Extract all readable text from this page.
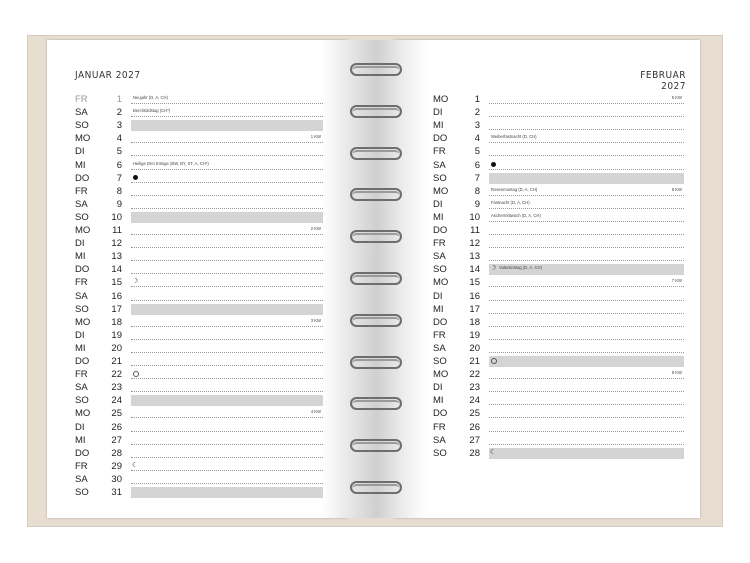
JANUAR 2027	FEBRUAR 2027
FR	1	Neujahr (D, A, CH)
SA	2	Berchtoldstag (CH*)
SO	3
MO	4	1 KW
DI	5
MI	6	Heilige Drei Könige (BW, BY, ST, A, CH*)
DO	7
FR	8
SA	9
SO	10
MO	11	2 KW
DI	12
MI	13
DO	14
FR	15 ☽
SA	16
SO	17
MO	18	3 KW
DI	19
MI	20
DO	21
FR	22
SA	23
SO	24
MO	25	4 KW
DI	26
MI	27
DO	28
FR	29 ☾
SA	30
SO	31
MO	1	5 KW
DI	2
MI	3
DO	4	Weiberfastnacht (D, CH)
FR	5
SA	6
SO	7
MO	8	Rosenmontag (D, A, CH)	6 KW
DI	9	Fastnacht (D, A, CH)
MI	10	Aschermittwoch (D, A, CH)
DO	11
FR	12
SA	13
SO	14 ☽ Valentinstag (D, A, CH)
MO	15	7 KW
DI	16
MI	17
DO	18
FR	19
SA	20
SO	21
MO	22	8 KW
DI	23
MI	24
DO	25
FR	26
SA	27
SO	28 ☾
